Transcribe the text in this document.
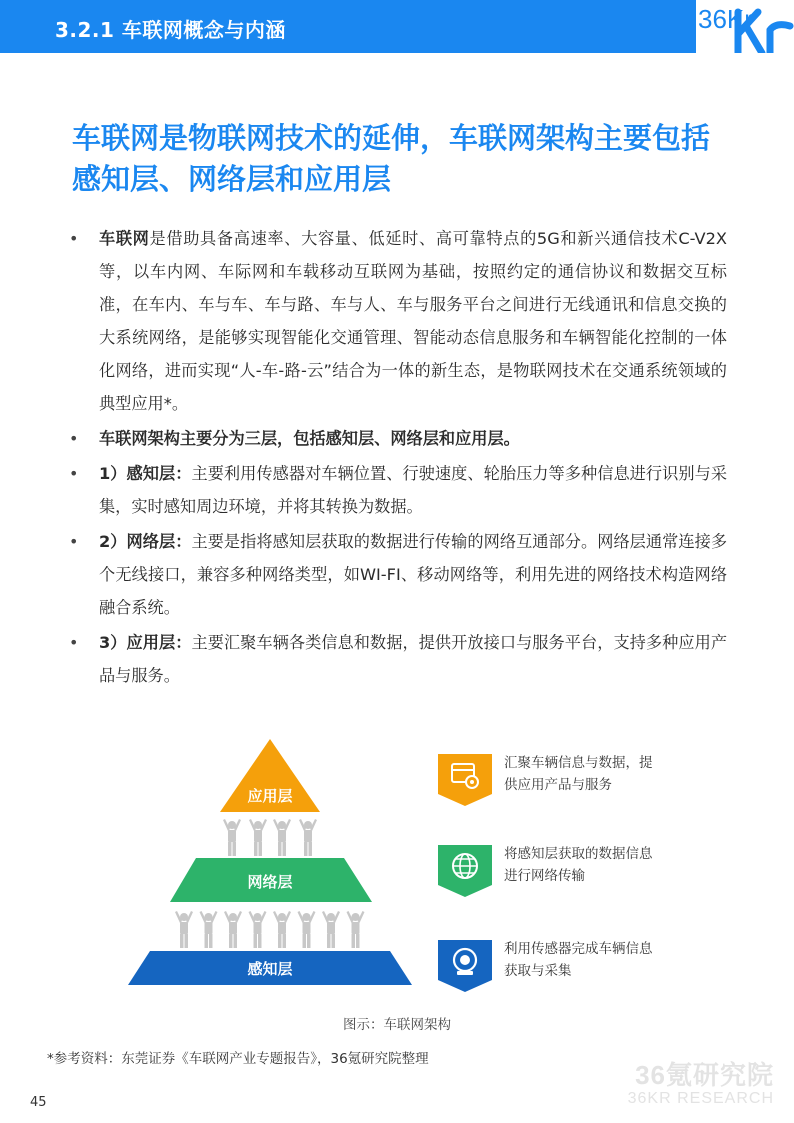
3.2.1 车联网概念与内涵	36Kr
车联网是物联网技术的延伸，车联网架构主要包括感知层、网络层和应用层
• 车联网是借助具备高速率、大容量、低延时、高可靠特点的5G和新兴通信技术C-V2X等，以车内网、车际网和车载移动互联网为基础，按照约定的通信协议和数据交互标准，在车内、车与车、车与路、车与人、车与服务平台之间进行无线通讯和信息交换的大系统网络，是能够实现智能化交通管理、智能动态信息服务和车辆智能化控制的一体化网络，进而实现“人-车-路-云”结合为一体的新生态，是物联网技术在交通系统领域的典型应用*。
• 车联网架构主要分为三层，包括感知层、网络层和应用层。
• 1）感知层：主要利用传感器对车辆位置、行驶速度、轮胎压力等多种信息进行识别与采集，实时感知周边环境，并将其转换为数据。
• 2）网络层：主要是指将感知层获取的数据进行传输的网络互通部分。网络层通常连接多个无线接口，兼容多种网络类型，如WI-FI、移动网络等，利用先进的网络技术构造网络融合系统。
• 3）应用层：主要汇聚车辆各类信息和数据，提供开放接口与服务平台，支持多种应用产品与服务。
应用层
网络层
感知层
汇聚车辆信息与数据，提
供应用产品与服务
将感知层获取的数据信息
进行网络传输
利用传感器完成车辆信息
获取与采集
图示：车联网架构
*参考资料：东莞证券《车联网产业专题报告》，36氪研究院整理
36氪研究院
36KR RESEARCH
45
